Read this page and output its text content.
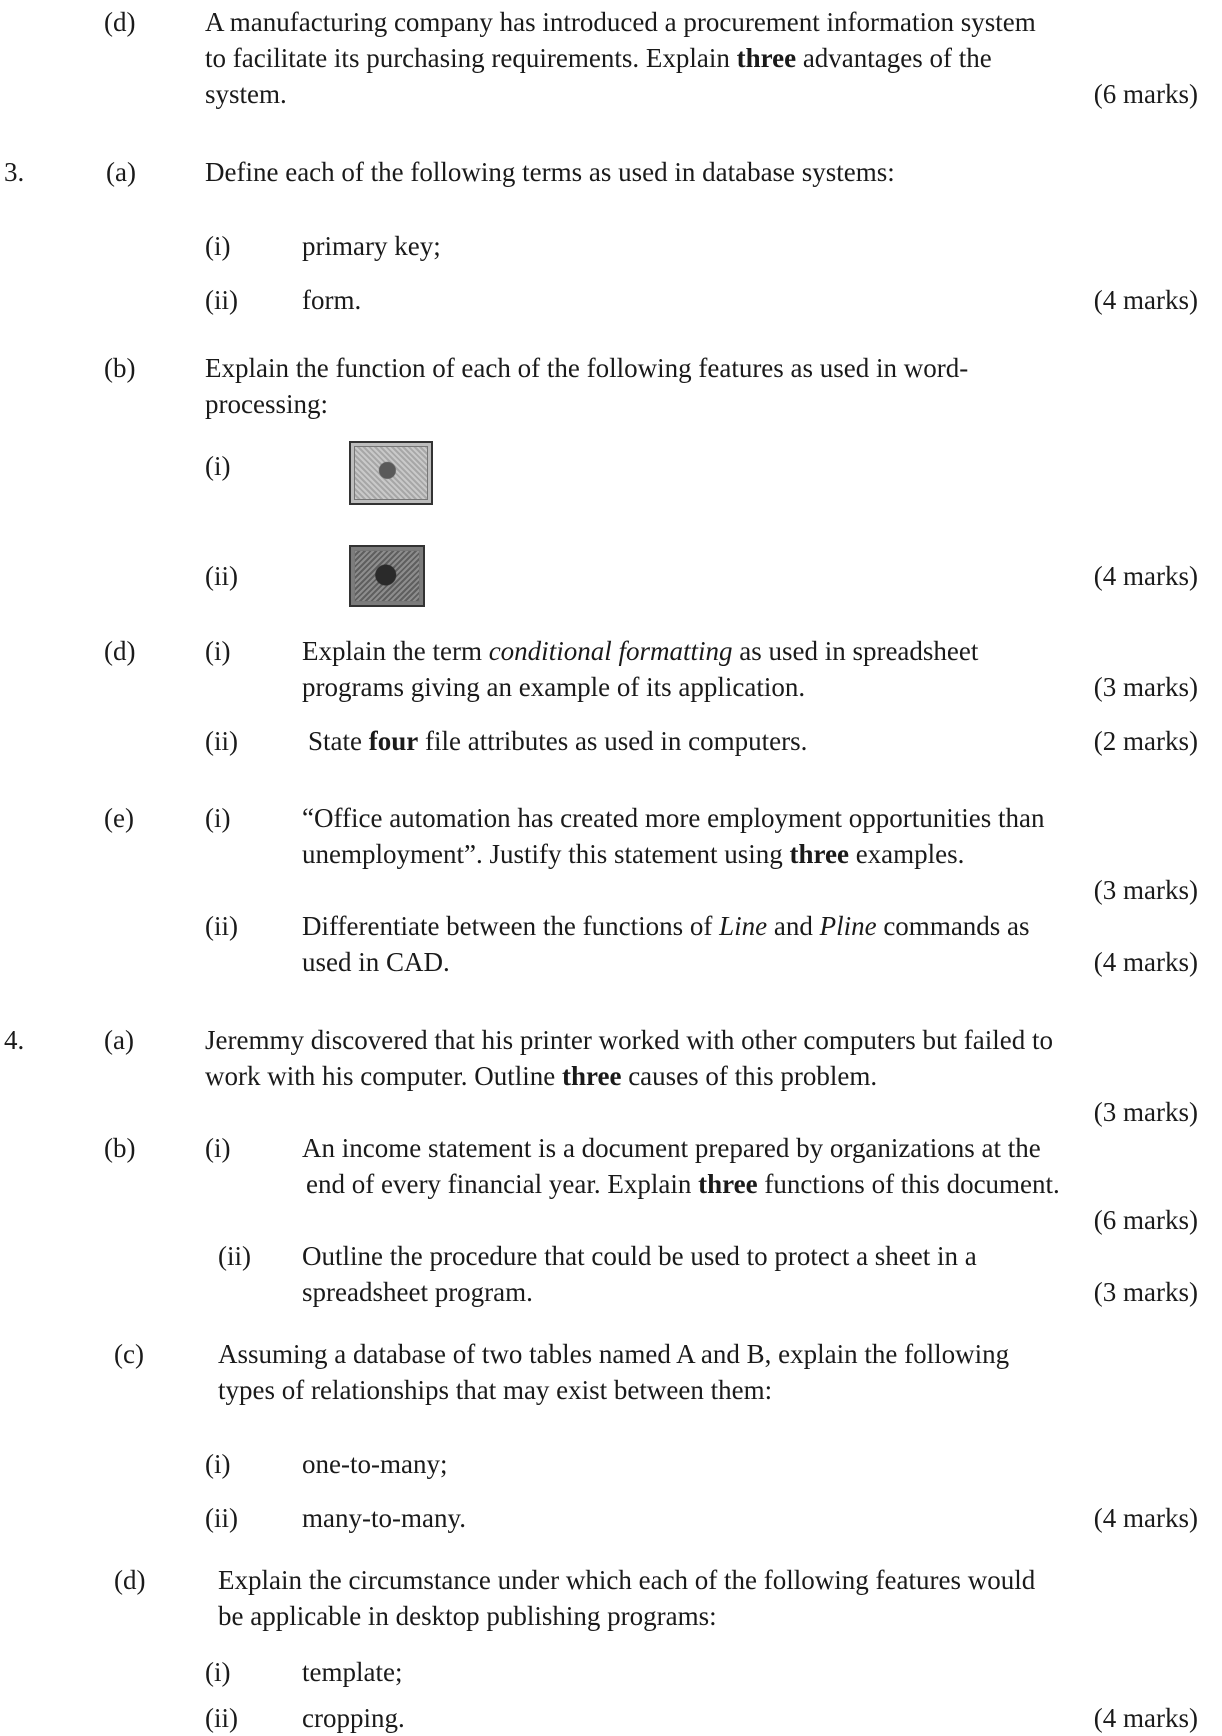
(d)	A manufacturing company has introduced a procurement information system
to facilitate its purchasing requirements. Explain three advantages of the
system.	(6 marks)
3.	(a)	Define each of the following terms as used in database systems:
(i)	primary key;
(ii) form.	(4 marks)
(b)	Explain the function of each of the following features as used in word-
processing:
(i)
(ii)	(4 marks)
(d)	(i)	Explain the term conditional formatting as used in spreadsheet
programs giving an example of its application.	(3 marks)
(ii)	State four file attributes as used in computers.	(2 marks)
(e)	(i)	“Office automation has created more employment opportunities than
unemployment”. Justify this statement using three examples.
(3 marks)
(ii) Differentiate between the functions of Line and Pline commands as
used in CAD.	(4 marks)
4.	(a)	Jeremmy discovered that his printer worked with other computers but failed to
work with his computer. Outline three causes of this problem.
(3 marks)
(b)	(i)	An income statement is a document prepared by organizations at the
end of every financial year. Explain three functions of this document.
(6 marks)
(ii) Outline the procedure that could be used to protect a sheet in a
spreadsheet program.	(3 marks)
(c)	Assuming a database of two tables named A and B, explain the following
types of relationships that may exist between them:
(i)	one-to-many;
(ii) many-to-many.	(4 marks)
(d)	Explain the circumstance under which each of the following features would
be applicable in desktop publishing programs:
(i)	template;
(ii) cropping.	(4 marks)
